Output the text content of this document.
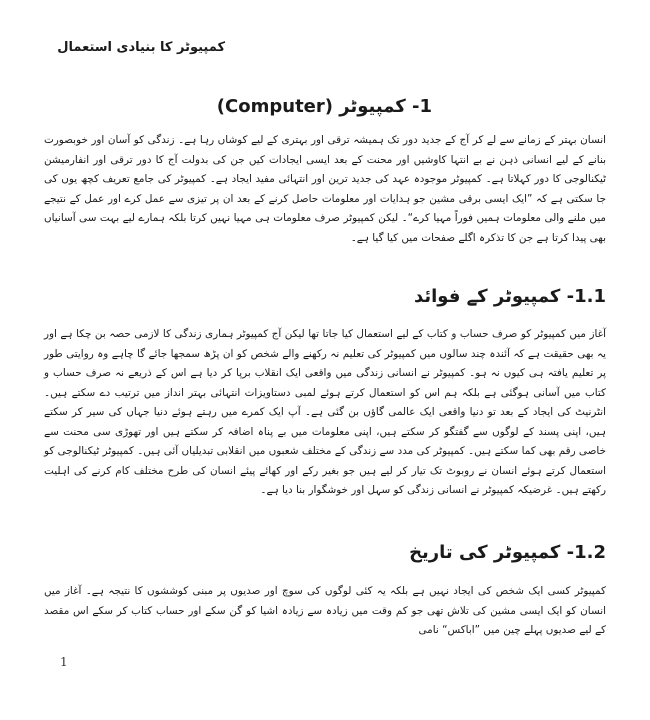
کمپیوٹر کا بنیادی استعمال
1- کمپیوٹر (Computer)

انسان بہتر کے زمانے سے لے کر آج کے جدید دور تک ہمیشہ ترقی اور بہتری کے لیے کوشاں رہا ہے۔ زندگی کو آسان اور خوبصورت بنانے کے لیے انسانی ذہن نے بے انتہا کاوشیں اور محنت کے بعد ایسی ایجادات کیں جن کی بدولت آج کا دور ترقی اور انفارمیشن ٹیکنالوجی کا دور کہلاتا ہے۔ کمپیوٹر موجودہ عہد کی جدید ترین اور انتہائی مفید ایجاد ہے۔ کمپیوٹر کی جامع تعریف کچھ یوں کی جا سکتی ہے کہ ”ایک ایسی برقی مشین جو ہدایات اور معلومات حاصل کرنے کے بعد ان پر تیزی سے عمل کرے اور عمل کے نتیجے میں ملنے والی معلومات ہمیں فوراً مہیا کرے“۔ لیکن کمپیوٹر صرف معلومات ہی مہیا نہیں کرتا بلکہ ہمارے لیے بہت سی آسانیاں بھی پیدا کرتا ہے جن کا تذکرہ اگلے صفحات میں کیا گیا ہے۔

1.1- کمپیوٹر کے فوائد

آغاز میں کمپیوٹر کو صرف حساب و کتاب کے لیے استعمال کیا جاتا تھا لیکن آج کمپیوٹر ہماری زندگی کا لازمی حصہ بن چکا ہے اور یہ بھی حقیقت ہے کہ آئندہ چند سالوں میں کمپیوٹر کی تعلیم نہ رکھنے والے شخص کو ان پڑھ سمجھا جائے گا چاہے وہ روایتی طور پر تعلیم یافتہ ہی کیوں نہ ہو۔ کمپیوٹر نے انسانی زندگی میں واقعی ایک انقلاب برپا کر دیا ہے اس کے ذریعے نہ صرف حساب و کتاب میں آسانی ہوگئی ہے بلکہ ہم اس کو استعمال کرتے ہوئے لمبی دستاویزات انتہائی بہتر انداز میں ترتیب دے سکتے ہیں۔ انٹرنیٹ کی ایجاد کے بعد تو دنیا واقعی ایک عالمی گاؤں بن گئی ہے۔ آپ ایک کمرے میں رہتے ہوئے دنیا جہاں کی سیر کر سکتے ہیں، اپنی پسند کے لوگوں سے گفتگو کر سکتے ہیں، اپنی معلومات میں بے پناہ اضافہ کر سکتے ہیں اور تھوڑی سی محنت سے خاصی رقم بھی کما سکتے ہیں۔ کمپیوٹر کی مدد سے زندگی کے مختلف شعبوں میں انقلابی تبدیلیاں آئی ہیں۔ کمپیوٹر ٹیکنالوجی کو استعمال کرتے ہوئے انسان نے روبوٹ تک تیار کر لیے ہیں جو بغیر رکے اور کھائے پیئے انسان کی طرح مختلف کام کرنے کی اہلیت رکھتے ہیں۔ غرضیکہ کمپیوٹر نے انسانی زندگی کو سہل اور خوشگوار بنا دیا ہے۔

1.2- کمپیوٹر کی تاریخ

کمپیوٹر کسی ایک شخص کی ایجاد نہیں ہے بلکہ یہ کئی لوگوں کی سوچ اور صدیوں پر مبنی کوششوں کا نتیجہ ہے۔ آغاز میں انسان کو ایک ایسی مشین کی تلاش تھی جو کم وقت میں زیادہ سے زیادہ اشیا کو گن سکے اور حساب کتاب کر سکے اس مقصد کے لیے صدیوں پہلے چین میں ”اباکس“ نامی

1
